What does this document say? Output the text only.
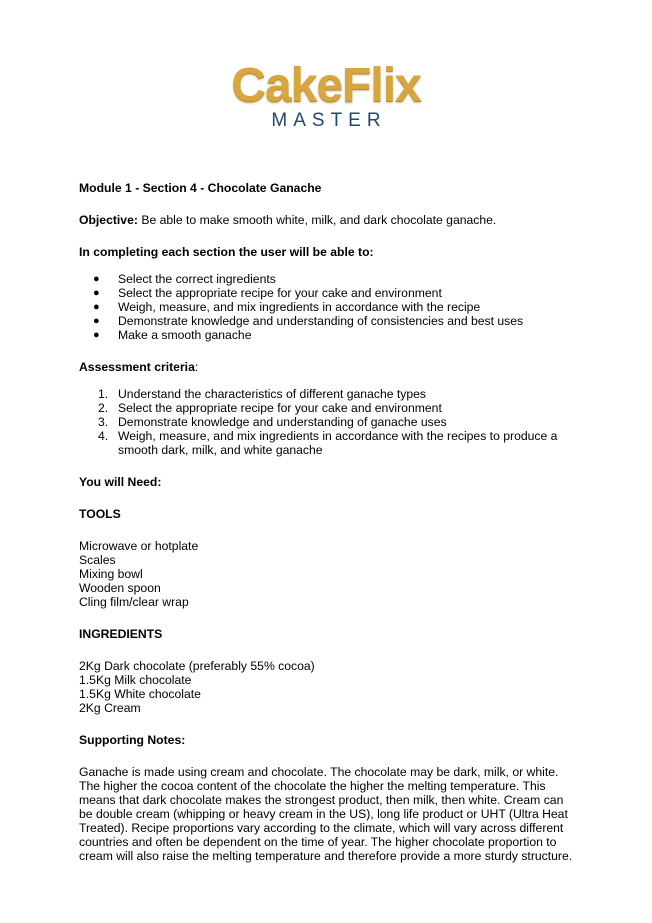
CakeFlix
MASTER

Module 1 - Section 4 - Chocolate Ganache

Objective: Be able to make smooth white, milk, and dark chocolate ganache.

In completing each section the user will be able to:

● Select the correct ingredients
● Select the appropriate recipe for your cake and environment
● Weigh, measure, and mix ingredients in accordance with the recipe
● Demonstrate knowledge and understanding of consistencies and best uses
● Make a smooth ganache

Assessment criteria:

1. Understand the characteristics of different ganache types
2. Select the appropriate recipe for your cake and environment
3. Demonstrate knowledge and understanding of ganache uses
4. Weigh, measure, and mix ingredients in accordance with the recipes to produce a
smooth dark, milk, and white ganache

You will Need:

TOOLS

Microwave or hotplate

Scales

Mixing bowl

Wooden spoon

Cling film/clear wrap

INGREDIENTS

2Kg Dark chocolate (preferably 55% cocoa)

1.5Kg Milk chocolate

1.5Kg White chocolate

2Kg Cream

Supporting Notes:

Ganache is made using cream and chocolate. The chocolate may be dark, milk, or white.

The higher the cocoa content of the chocolate the higher the melting temperature. This

means that dark chocolate makes the strongest product, then milk, then white. Cream can

be double cream (whipping or heavy cream in the US), long life product or UHT (Ultra Heat

Treated). Recipe proportions vary according to the climate, which will vary across different

countries and often be dependent on the time of year. The higher chocolate proportion to

cream will also raise the melting temperature and therefore provide a more sturdy structure.
